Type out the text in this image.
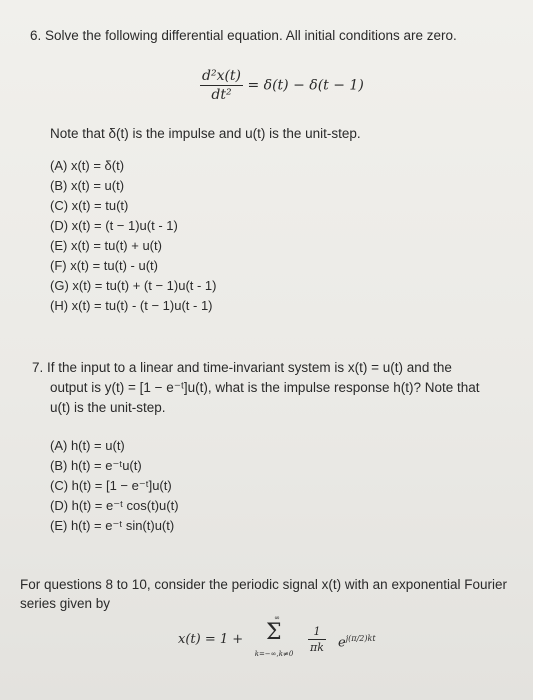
6. Solve the following differential equation. All initial conditions are zero.
$\frac{\text{d²x(t)}}{\text{dt²}} = \delta(t) - \delta(t - 1)$
Note that δ(t) is the impulse and u(t) is the unit-step.
(A) x(t) = δ(t)
(B) x(t) = u(t)
(C) x(t) = tu(t)
(D) x(t) = (t − 1)u(t - 1)
(E) x(t) = tu(t) + u(t)
(F) x(t) = tu(t) - u(t)
(G) x(t) = tu(t) + (t − 1)u(t - 1)
(H) x(t) = tu(t) - (t − 1)u(t - 1)
7. If the input to a linear and time-invariant system is x(t) = u(t) and the
output is y(t) = [1 − e⁻ᵗ]u(t), what is the impulse response h(t)? Note that
u(t) is the unit-step.
(A) h(t) = u(t)
(B) h(t) = e⁻ᵗu(t)
(C) h(t) = [1 − e⁻ᵗ]u(t)
(D) h(t) = e⁻ᵗ cos(t)u(t)
(E) h(t) = e⁻ᵗ sin(t)u(t)
For questions 8 to 10, consider the periodic signal x(t) with an exponential Fourier
series given by
x(t) = 1 +
∞
Σ
k=−∞,k≠0	$\frac{1}{\pi k} e^{j(\pi/2)kt}$
